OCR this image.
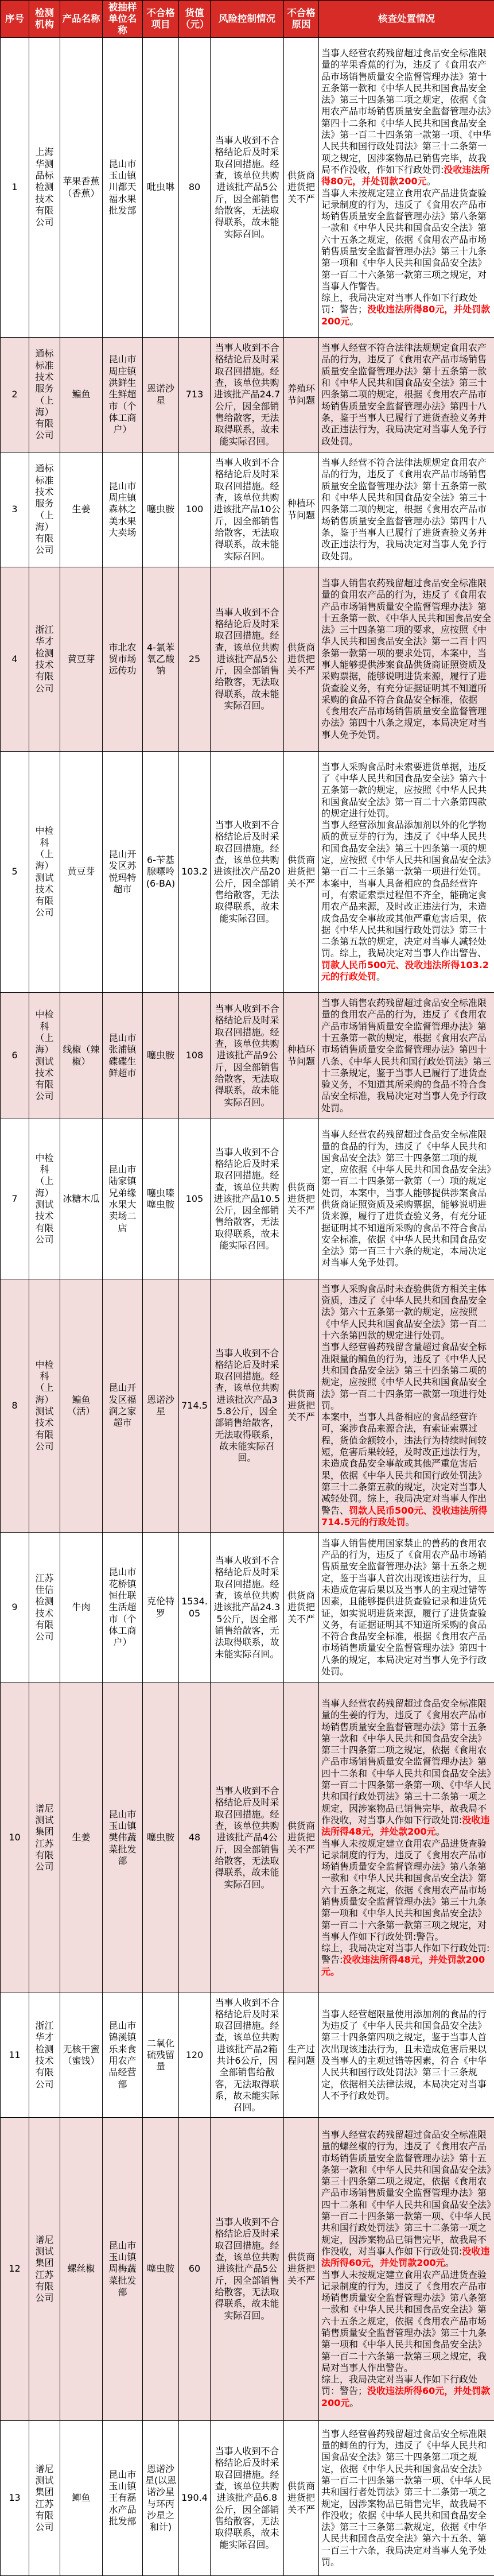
序号	检测机构	产品名称	被抽样单位名称	不合格项目	货值（元）	风险控制情况	不合格原因	核查处置情况
1	上海华测品标检测技术有限公司	苹果香蕉（香蕉）	昆山市玉山镇川都天福水果批发部	吡虫啉	80	当事人收到不合格结论后及时采取召回措施。经查，该单位共购进该批产品5公斤，因全部销售给散客，无法取得联系，故未能实际召回。	供货商进货把关不严	当事人经营农药残留超过食品安全标准限量的苹果香蕉的行为，违反了《食用农产品市场销售质量安全监督管理办法》第十五条第一款和《中华人民共和国食品安全法》第三十四条第二项之规定，依据《食用农产品市场销售质量安全监督管理办法》第四十二条和《中华人民共和国食品安全法》第一百二十四条第一款第一项、《中华人民共和国行政处罚法》第三十二条第一项之规定，因涉案物品已销售完毕，故我局不作没收，作如下行政处罚:没收违法所得80元，并处罚款200元。
当事人未按规定建立食用农产品进货查验记录制度的行为，违反了《食用农产品市场销售质量安全监督管理办法》第八条第一款和《中华人民共和国食品安全法》第六十五条之规定，依据《食用农产品市场销售质量安全监督管理办法》第三十九条第一项和《中华人民共和国食品安全法》第一百二十六条第一款第三项之规定，对当事人作警告。
综上，我局决定对当事人作如下行政处罚：警告；没收违法所得80元，并处罚款200元。

2	通标标准技术服务（上海）有限公司	鳊鱼	昆山市周庄镇洪鲜生生鲜超市（个体工商户）	恩诺沙星	713	当事人收到不合格结论后及时采取召回措施。经查，该单位共购进该批产品24.7公斤，因全部销售给散客，无法取得联系，故未能实际召回。	养殖环节问题	当事人经营不符合法律法规规定食用农产品的行为，违反了《食用农产品市场销售质量安全监督管理办法》第十五条第一款和《中华人民共和国食品安全法》第三十四条第二项的规定，根据《食用农产品市场销售质量安全监督管理办法》第四十八条，鉴于当事人已履行了进货查验义务并改正违法行为，我局决定对当事人免予行政处罚。

3	通标标准技术服务（上海）有限公司	生姜	昆山市周庄镇森林之美水果大卖场	噻虫胺	100	当事人收到不合格结论后及时采取召回措施。经查，该单位共购进该批产品10公斤，因全部销售给散客，无法取得联系，故未能实际召回。	种植环节问题	当事人经营不符合法律法规规定食用农产品的行为，违反了《食用农产品市场销售质量安全监督管理办法》第十五条第一款和《中华人民共和国食品安全法》第三十四条第二项的规定，根据《食用农产品市场销售质量安全监督管理办法》第四十八条，鉴于当事人已履行了进货查验义务并改正违法行为，我局决定对当事人免予行政处罚。

4	浙江华才检测技术有限公司	黄豆芽	市北农贸市场远传功	4-氯苯氧乙酸钠	25	当事人收到不合格结论后及时采取召回措施。经查，该单位共购进该批产品5公斤，因全部销售给散客，无法取得联系，故未能实际召回。	供货商进货把关不严	当事人销售农药残留超过食品安全标准限量的食用农产品的行为，违反了《食用农产品市场销售质量安全监督管理办法》第十五条第一款、《中华人民共和国食品安全法》三十四条第二项的要求，应按照《中华人民共和国食品安全法》第一二百十四条第一款第一项的要求处罚，本案中，当事人能够提供涉案食品供货商证照资质及采购票据，能够说明进货来源，履行了进货查验义务，有充分证据证明其不知道所采购的食品不符合食品安全标准，依据《食用农产品市场销售质量安全监督管理办法》第四十八条之规定，本局决定对当事人免予处罚。

5	中检科（上海）测试技术有限公司	黄豆芽	昆山开发区苏悦玛特超市	6-苄基腺嘌呤(6-BA)	103.2	当事人收到不合格结论后及时采取召回措施。经查，该单位共购进该批次产品20公斤，因全部销售给散客，无法取得联系，故未能实际召回。	供货商进货把关不严	当事人采购食品时未索要进货单据，违反了《中华人民共和国食品安全法》第六十五条第一款的规定，应按照《中华人民共和国食品安全法》第一百二十六条第四款的规定进行处罚。
当事人经营添加食品添加剂以外的化学物质的黄豆芽的行为，违反了《中华人民共和国食品安全法》第三十四条第一项的规定，应按照《中华人民共和国食品安全法》第一百二十三条第一款第一项进行处罚。
本案中，当事人具备相应的食品经营许可，有索证索票过程但不齐全，能确定食用农产品来源，及时改正违法行为，未造成食品安全事故或其他严重危害后果，依据《中华人民共和国行政处罚法》第三十二条第五款的规定，决定对当事人减轻处罚。综上，我局决定对当事人作出警告、罚款人民币500元、没收违法所得103.2元的行政处罚。

6	中检科（上海）测试技术有限公司	线椒（辣椒）	昆山市张浦镇碟碟生鲜超市	噻虫胺	108	当事人收到不合格结论后及时采取召回措施。经查，该单位共购进该批产品9公斤，因全部销售给散客，无法取得联系，故未能实际召回。	种植环节问题	当事人销售农药残留超过食品安全标准限量的食用农产品的行为，违反了《食用农产品市场销售质量安全监督管理办法》第十五条第一款的规定，根据《食用农产品市场销售质量安全监督管理办法》第四十八条、《中华人民共和国行政处罚法》第三十三条规定，鉴于当事人已履行了进货查验义务，不知道其所采购的食品不符合食品安全标准，我局决定对当事人免予行政处罚。

7	中检科（上海）测试技术有限公司	冰糖木瓜	昆山市陆家镇兄弟缘水果大卖场二店	噻虫嗪 噻虫胺	105	当事人收到不合格结论后及时采取召回措施。经查，该单位共购进该批产品10.5公斤，因全部销售给散客，无法取得联系，故未能实际召回。	供货商进货把关不严	当事人经营农药残留超过食品安全标准限量的食品的行为，违反了《中华人民共和国食品安全法》第三十四条第二项的规定，应依据《中华人民共和国食品安全法》第一百二十四条第一款第（一）项的规定处罚，本案中，当事人能够提供涉案食品供货商证照资质及采购票据，能够说明进货来源，履行了进货查验义务，有充分证据证明其不知道所采购的食品不符合食品安全标准，依据《中华人民共和国食品安全法》第一百三十六条的规定，本局决定对当事人免予处罚。

8	中检科（上海）测试技术有限公司	鳊鱼（活）	昆山开发区福润之家超市	恩诺沙星	714.5	当事人收到不合格结论后及时采取召回措施。经查，该单位共购进该批次产品35.8公斤，因全部销售给散客，无法取得联系，故未能实际召回。	供货商进货把关不严	当事人采购食品时未查验供货方相关主体资质，违反了《中华人民共和国食品安全法》第六十五条第一款的规定，应按照《中华人民共和国食品安全法》第一百二十六条第四款的规定进行处罚。
当事人经营兽药残留含量超过食品安全标准限量的鳊鱼的行为，违反了《中华人民共和国食品安全法》第三十四条第二项的规定，应按照《中华人民共和国食品安全法》第一百二十四条第一款第一项进行处罚。
本案中，当事人具备相应的食品经营许可，案涉食品来源合法，有索证索票过程，货值金额较小，违法行为持续时间较短，危害后果较轻，及时改正违法行为，未造成食品安全事故或其他严重危害后果，依据《中华人民共和国行政处罚法》第三十二条第五款的规定，决定对当事人减轻处罚。综上，我局决定对当事人作出警告、罚款人民币500元、没收违法所得714.5元的行政处罚。

9	江苏佳信检测技术有限公司	牛肉	昆山市花桥镇恒仕联生活超市（个体工商户）	克伦特罗	1534.05	当事人收到不合格结论后及时采取召回措施。经查，该单位共购进该批产品24.35公斤，因全部销售给散客，无法取得联系，故未能实际召回。	供货商进货把关不严	当事人销售使用国家禁止的兽药的食用农产品的行为，违反了《食用农产品市场销售质量安全监督管理办法》第十五条之规定，鉴于当事人首次出现该违法行为，且未造成危害后果以及当事人的主观过错等因素，且能够提供进货查验记录和进货凭证，如实说明进货来源，履行了进货查验义务，有证据证明其不知道所采购的食品不符合食品安全标准，根据《食用农产品市场销售质量安全监督管理办法》第四十八条的规定，本局决定对当事人免予行政处罚。

10	谱尼测试集团江苏有限公司	生姜	昆山市玉山镇樊伟蔬菜批发部	噻虫胺	48	当事人收到不合格结论后及时采取召回措施。经查，该单位共购进该批产品4公斤，因全部销售给散客，无法取得联系，故未能实际召回。	供货商进货把关不严	当事人经营农药残留超过食品安全标准限量的生姜的行为，违反了《食用农产品市场销售质量安全监督管理办法》第十五条第一款和《中华人民共和国食品安全法》第三十四条第二项之规定，依据《食用农产品市场销售质量安全监督管理办法》第四十二条和《中华人民共和国食品安全法》第一百二十四条第一条第一项、《中华人民共和国行政处罚法》第三十二条第一项之规定，因涉案物品已销售完毕，故我局不作没收，对当事人作如下行政处罚:没收违法所得48元，并处款200元。
当事人未按规定建立食用农产品进货查验记录制度的行为，违反了《食用农产品市场销售质量安全监督管理办法》第八条第一款和《中华人民共和国食品安全法》第六十五条之规定，依据《食用农产品市场销售质量安全监督管理办法》第三十九条第一项和《中华人民共和国食品安全法》第一百二十六条第一款第三项之规定，对当事人作如下行政处罚:警告。
综上，我局决定对当事人作如下行政处罚:警告:没收违法所得48元，并处罚款200元。

11	浙江华才检测技术有限公司	无核干蜜（蜜饯）	昆山市锦溪镇乐来食用农产品经营部	二氧化硫残留量	120	当事人收到不合格结论后及时采取召回措施。经查，该单位共购进该批产品2箱共计6公斤，因全部销售给散客，无法取得联系，故未能实际召回。	生产过程问题	当事人经营超限量使用添加剂的食品的行为违反了《中华人民共和国食品安全法》第三十四条第四项之规定，鉴于当事人首次出现该违法行为，且未造成危害后果以及当事人的主观过错等因素，符合《中华人民共和国行政处罚法》第三十三条规定，依据相关法律法规，本局决定对当事人不予行政处罚。

12	谱尼测试集团江苏有限公司	螺丝椒	昆山市玉山镇周梅蔬菜批发部	噻虫胺	60	当事人收到不合格结论后及时采取召回措施。经查，该单位共购进该批产品5公斤，因全部销售给散客，无法取得联系，故未能实际召回。	供货商进货把关不严	当事人经营农药残留超过食品安全标准限量的螺丝椒的行为，违反了《食用农产品市场销售质量安全监督管理办法》第十五条第一款和《中华人民共和国食品安全法》第三十四条第二项之规定，依据《食用农产品市场销售质量安全监督管理办法》第四十二条和《中华人民共和国食品安全法》第一百二十四条第一款第一项、《中华人民共和国行政处罚法》第三十二条第一项之规定，因涉案物品已销售完毕，故我局不作没收，对当事人作如下行政处罚:没收违法所得60元，并处罚款200元。
当事人未按规定建立食用农产品进货查验记录制度的行为，违反了《食用农产品市场销售质量安全监督管理办法》第八条第一款和《中华人民共和国食品安全法》第六十五条之规定，依据《食用农产品市场销售质量安全监督管理办法》第三十九条第一项和《中华人民共和国食品安全法》第一百二十六条第一款第三项之规定，我局对当事人作出警告。
综上，我局决定对当事人作如下行政处罚：警告；没收违法所得60元，并处罚款200元。

13	谱尼测试集团江苏有限公司	鲫鱼	昆山市玉山镇王有磊水产品批发部	恩诺沙星(以恩诺沙星与环丙沙星之和计)	190.4	当事人收到不合格结论后及时采取召回措施。经查，该单位共购进该批产品6.8公斤，因全部销售给散客，无法取得联系，故未能实际召回。	供货商进货把关不严	当事人经营兽药残留超过食品安全标准限量的鲫鱼的行为，违反了《中华人民共和国食品安全法》第三十四条第二项之规定，依据《中华人民共和国食品安全法》第一百二十四条第一款第一项、《中华人民共和国行者处罚法》第三十二条第一项之规定，因涉案物品已销售完毕，故我局不作没收；依据《中华人民共和国食品安全法》第三十三条第二款规定，依据《中华人民共和国食品安全法》第六十五条、第一百三十六条，我局决定对当事人免予处罚。
